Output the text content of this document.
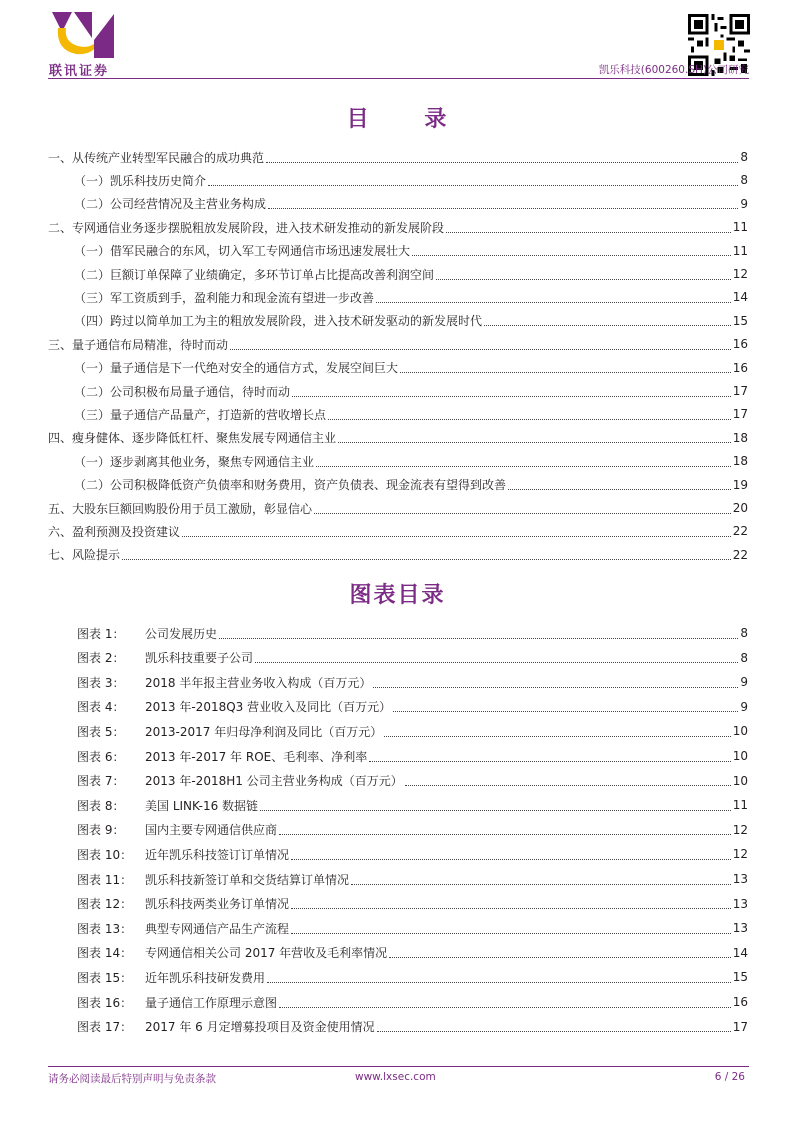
联讯证券	凯乐科技(600260.SH)公司研究
目 录
一、从传统产业转型军民融合的成功典范	8
（一）凯乐科技历史简介	8
（二）公司经营情况及主营业务构成	9
二、专网通信业务逐步摆脱粗放发展阶段，进入技术研发推动的新发展阶段	11
（一）借军民融合的东风，切入军工专网通信市场迅速发展壮大	11
（二）巨额订单保障了业绩确定，多环节订单占比提高改善利润空间	12
（三）军工资质到手，盈利能力和现金流有望进一步改善	14
（四）跨过以简单加工为主的粗放发展阶段，进入技术研发驱动的新发展时代	15
三、量子通信布局精准，待时而动	16
（一）量子通信是下一代绝对安全的通信方式，发展空间巨大	16
（二）公司积极布局量子通信，待时而动	17
（三）量子通信产品量产，打造新的营收增长点	17
四、瘦身健体、逐步降低杠杆、聚焦发展专网通信主业	18
（一）逐步剥离其他业务，聚焦专网通信主业	18
（二）公司积极降低资产负债率和财务费用，资产负债表、现金流表有望得到改善	19
五、大股东巨额回购股份用于员工激励，彰显信心	20
六、盈利预测及投资建议	22
七、风险提示	22
图表目录
图表 1：	公司发展历史	8
图表 2：	凯乐科技重要子公司	8
图表 3：	2018 半年报主营业务收入构成（百万元）	9
图表 4：	2013 年-2018Q3 营业收入及同比（百万元）	9
图表 5：	2013-2017 年归母净利润及同比（百万元）	10
图表 6：	2013 年-2017 年 ROE、毛利率、净利率	10
图表 7：	2013 年-2018H1 公司主营业务构成（百万元）	10
图表 8：	美国 LINK-16 数据链	11
图表 9：	国内主要专网通信供应商	12
图表 10：	近年凯乐科技签订订单情况	12
图表 11：	凯乐科技新签订单和交货结算订单情况	13
图表 12：	凯乐科技两类业务订单情况	13
图表 13：	典型专网通信产品生产流程	13
图表 14：	专网通信相关公司 2017 年营收及毛利率情况	14
图表 15：	近年凯乐科技研发费用	15
图表 16：	量子通信工作原理示意图	16
图表 17：	2017 年 6 月定增募投项目及资金使用情况	17
请务必阅读最后特别声明与免责条款	www.lxsec.com	6 / 26
